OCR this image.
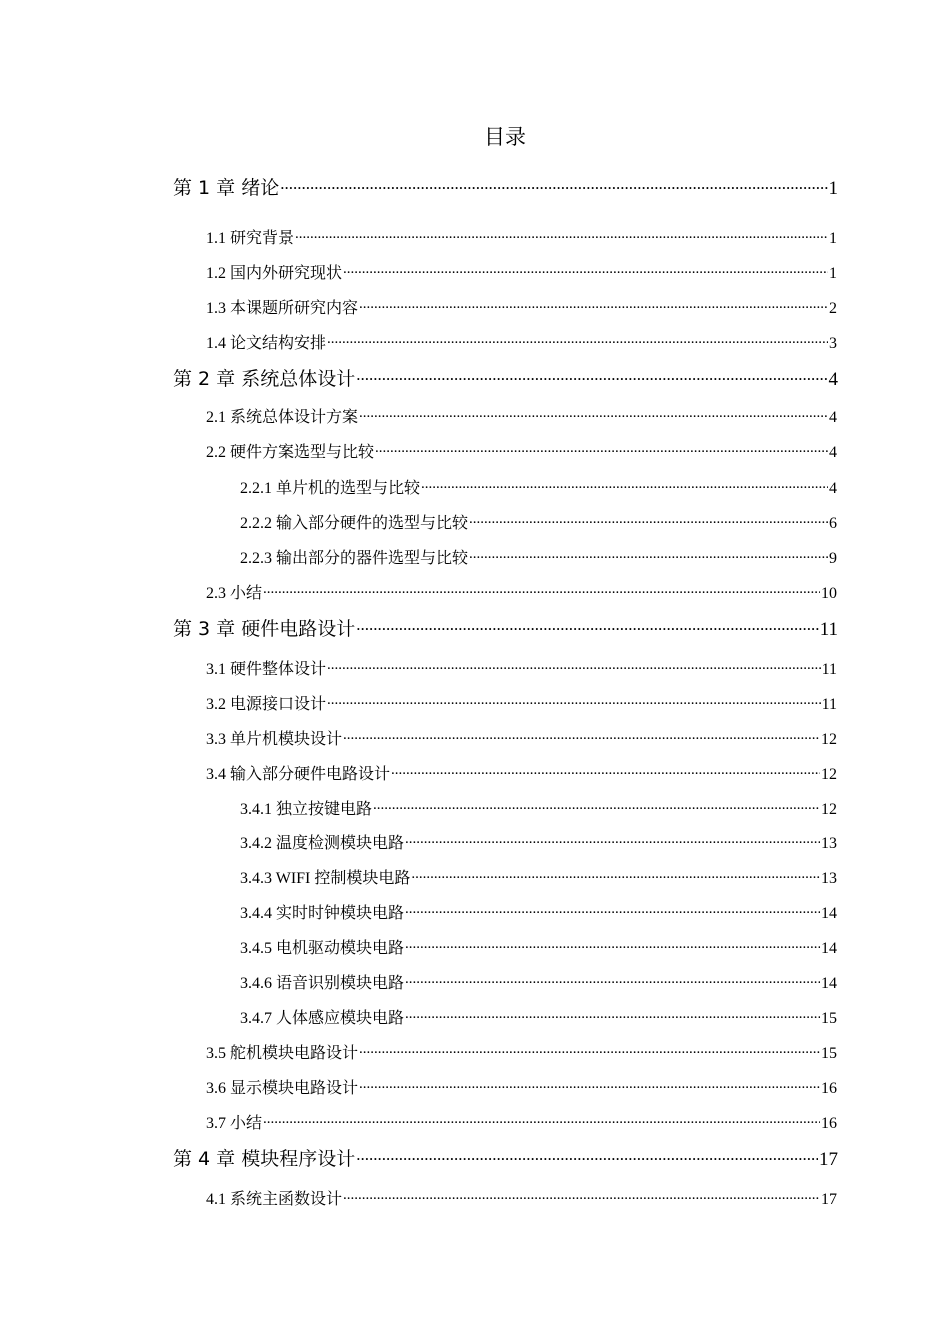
目录
第 1 章 绪论 .....	1
1.1 研究背景 .....	1
1.2 国内外研究现状 .....	1
1.3 本课题所研究内容 .....	2
1.4 论文结构安排 .....	3
第 2 章 系统总体设计 .....	4
2.1 系统总体设计方案 .....	4
2.2 硬件方案选型与比较 .....	4
2.2.1 单片机的选型与比较 .....	4
2.2.2 输入部分硬件的选型与比较 .....	6
2.2.3 输出部分的器件选型与比较 .....	9
2.3 小结 .....	10
第 3 章 硬件电路设计 .....	11
3.1 硬件整体设计 .....	11
3.2 电源接口设计 .....	11
3.3 单片机模块设计 .....	12
3.4 输入部分硬件电路设计 .....	12
3.4.1 独立按键电路 .....	12
3.4.2 温度检测模块电路 .....	13
3.4.3 WIFI 控制模块电路 .....	13
3.4.4 实时时钟模块电路 .....	14
3.4.5 电机驱动模块电路 .....	14
3.4.6 语音识别模块电路 .....	14
3.4.7 人体感应模块电路 .....	15
3.5 舵机模块电路设计 .....	15
3.6 显示模块电路设计 .....	16
3.7 小结 .....	16
第 4 章 模块程序设计 .....	17
4.1 系统主函数设计 .....	17
